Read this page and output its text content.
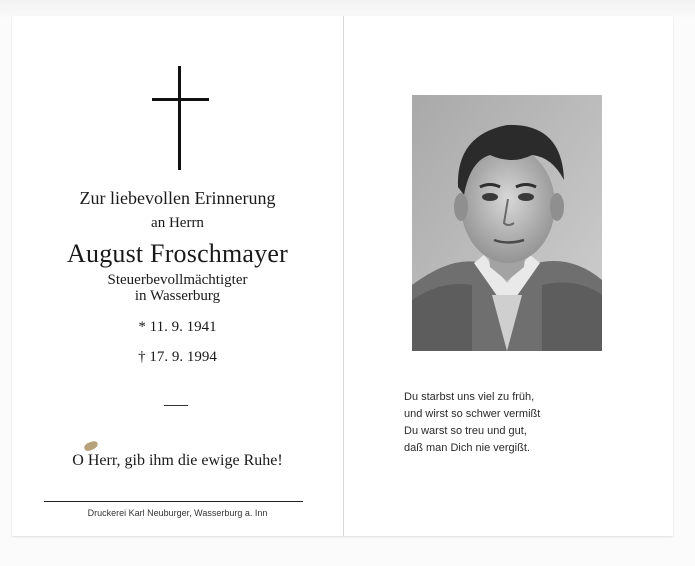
Zur liebevollen Erinnerung
an Herrn
August Froschmayer
Steuerbevollmächtigter
in Wasserburg
* 11. 9. 1941
† 17. 9. 1994
O Herr, gib ihm die ewige Ruhe!
Druckerei Karl Neuburger, Wasserburg a. Inn
Du starbst uns viel zu früh,
und wirst so schwer vermißt
Du warst so treu und gut,
daß man Dich nie vergißt.
